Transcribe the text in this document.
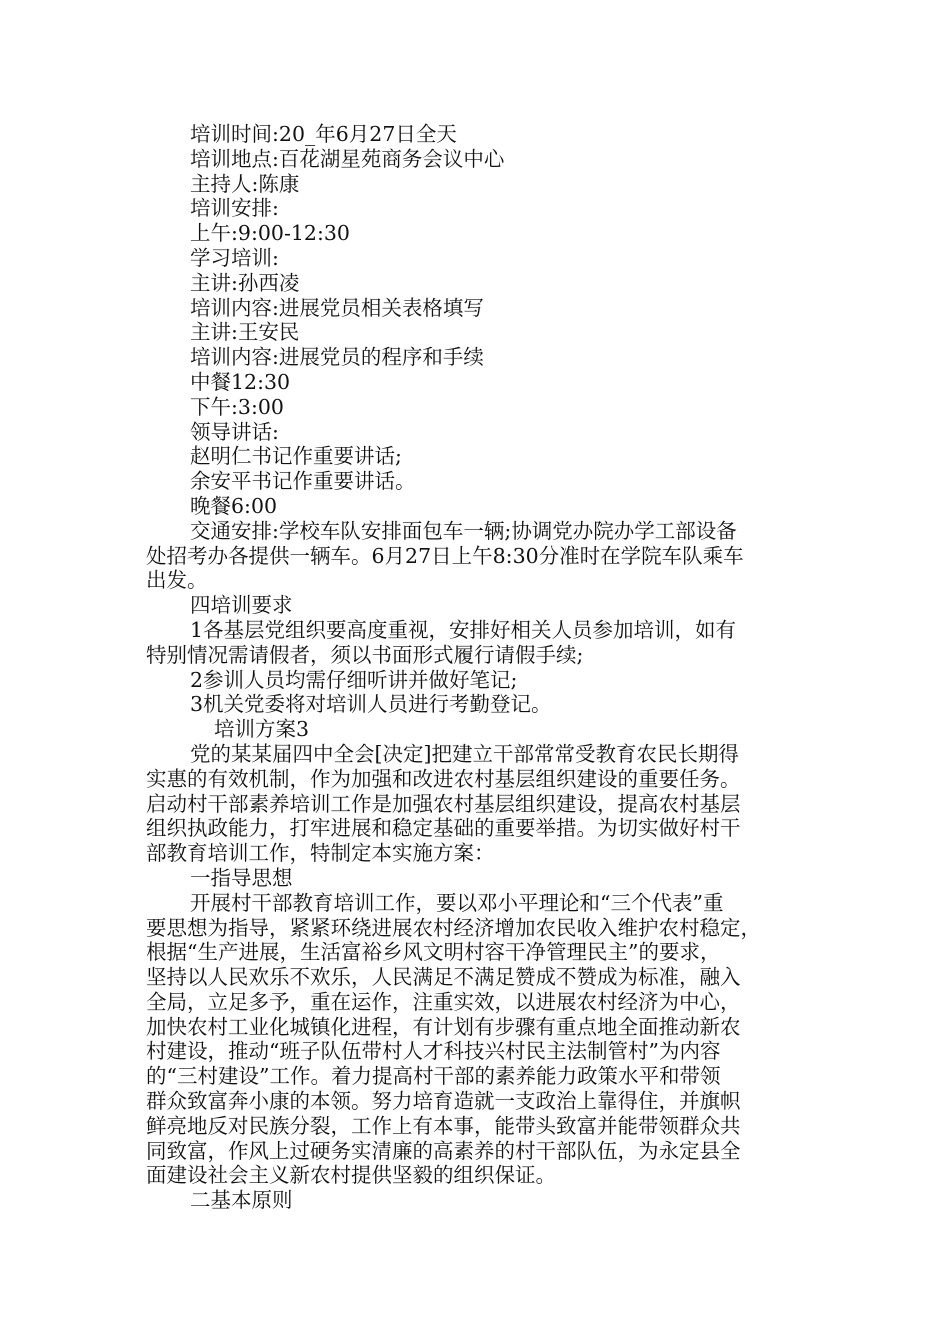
培训时间:20_年6月27日全天
培训地点:百花湖星苑商务会议中心
主持人:陈康
培训安排:
上午:9:00-12:30
学习培训:
主讲:孙西凌
培训内容:进展党员相关表格填写
主讲:王安民
培训内容:进展党员的程序和手续
中餐12:30
下午:3:00
领导讲话:
赵明仁书记作重要讲话;
余安平书记作重要讲话。
晚餐6:00
交通安排:学校车队安排面包车一辆;协调党办院办学工部设备
处招考办各提供一辆车。6月27日上午8:30分准时在学院车队乘车
出发。
四培训要求
1各基层党组织要高度重视，安排好相关人员参加培训，如有
特别情况需请假者，须以书面形式履行请假手续;
2参训人员均需仔细听讲并做好笔记;
3机关党委将对培训人员进行考勤登记。
培训方案3
党的某某届四中全会[决定]把建立干部常常受教育农民长期得
实惠的有效机制，作为加强和改进农村基层组织建设的重要任务。
启动村干部素养培训工作是加强农村基层组织建设，提高农村基层
组织执政能力，打牢进展和稳定基础的重要举措。为切实做好村干
部教育培训工作，特制定本实施方案：
一指导思想
开展村干部教育培训工作，要以邓小平理论和“三个代表”重
要思想为指导，紧紧环绕进展农村经济增加农民收入维护农村稳定，
根据“生产进展，生活富裕乡风文明村容干净管理民主”的要求，
坚持以人民欢乐不欢乐，人民满足不满足赞成不赞成为标准，融入
全局，立足多予，重在运作，注重实效，以进展农村经济为中心，
加快农村工业化城镇化进程，有计划有步骤有重点地全面推动新农
村建设，推动“班子队伍带村人才科技兴村民主法制管村”为内容
的“三村建设”工作。着力提高村干部的素养能力政策水平和带领
群众致富奔小康的本领。努力培育造就一支政治上靠得住，并旗帜
鲜亮地反对民族分裂，工作上有本事，能带头致富并能带领群众共
同致富，作风上过硬务实清廉的高素养的村干部队伍，为永定县全
面建设社会主义新农村提供坚毅的组织保证。
二基本原则
